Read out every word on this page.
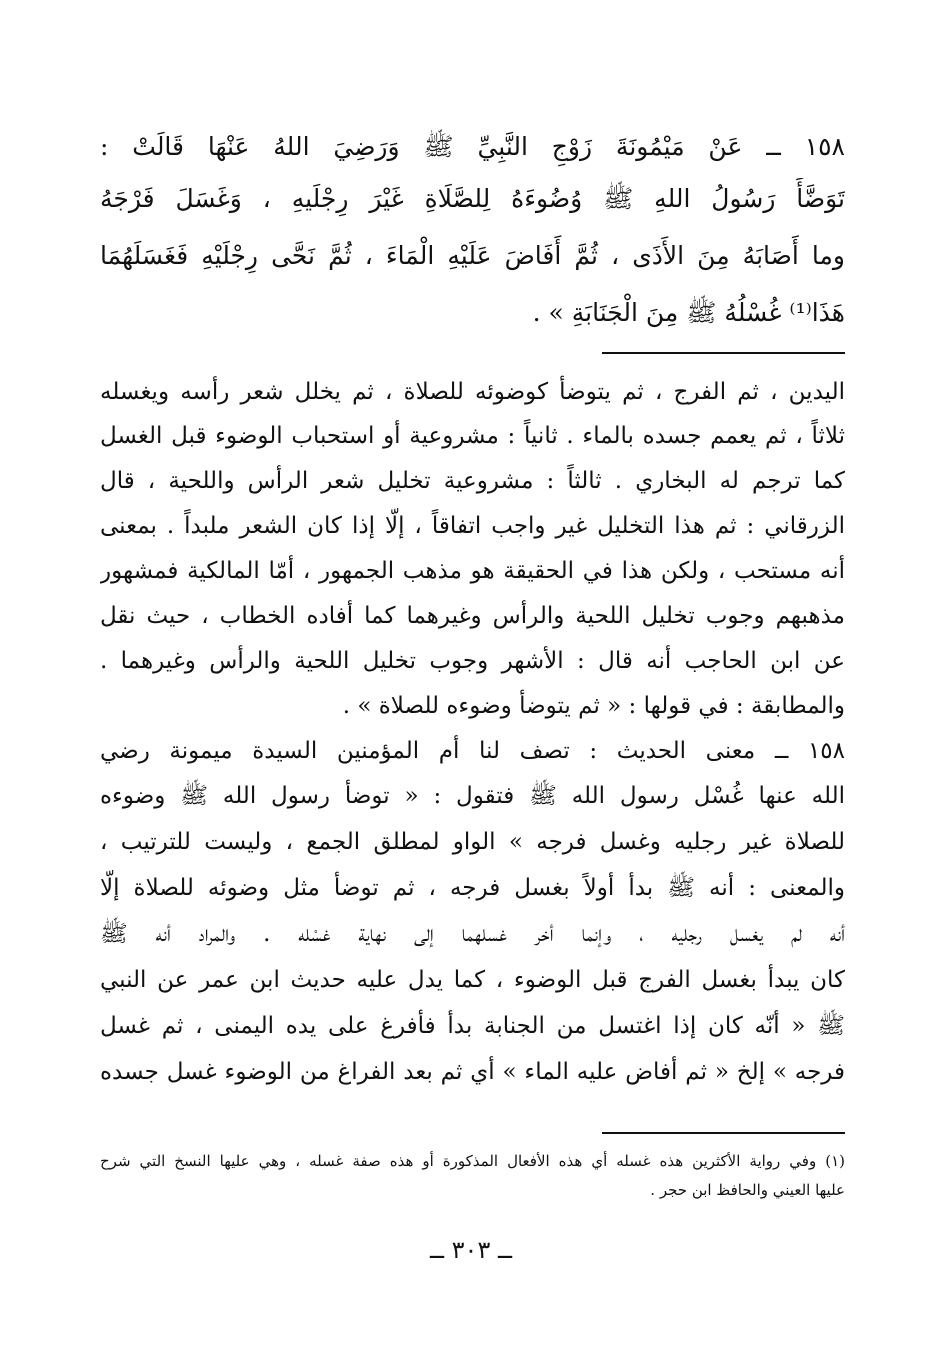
١٥٨ ــ عَنْ مَيْمُونَةَ زَوْجِ النَّبِيِّ ﷺ وَرَضِيَ اللهُ عَنْهَا قَالَتْ :
تَوَضَّأَ رَسُولُ اللهِ ﷺ وُضُوءَهُ لِلصَّلَاةِ غَيْرَ رِجْلَيهِ ، وَغَسَلَ فَرْجَهُ
وما أَصَابَهُ مِنَ الأَذَى ، ثُمَّ أَفَاضَ عَلَيْهِ الْمَاءَ ، ثُمَّ نَحَّى رِجْلَيْهِ فَغَسَلَهُمَا
هَذَا⁽¹⁾ غُسْلُهُ ﷺ مِنَ الْجَنَابَةِ » .
اليدين ، ثم الفرج ، ثم يتوضأ كوضوئه للصلاة ، ثم يخلل شعر رأسه ويغسله
ثلاثاً ، ثم يعمم جسده بالماء . ثانياً : مشروعية أو استحباب الوضوء قبل الغسل
كما ترجم له البخاري . ثالثاً : مشروعية تخليل شعر الرأس واللحية ، قال
الزرقاني : ثم هذا التخليل غير واجب اتفاقاً ، إلّا إذا كان الشعر ملبداً . بمعنى
أنه مستحب ، ولكن هذا في الحقيقة هو مذهب الجمهور ، أمّا المالكية فمشهور
مذهبهم وجوب تخليل اللحية والرأس وغيرهما كما أفاده الخطاب ، حيث نقل
عن ابن الحاجب أنه قال : الأشهر وجوب تخليل اللحية والرأس وغيرهما .
والمطابقة : في قولها : « ثم يتوضأ وضوءه للصلاة » .
١٥٨ ــ معنى الحديث : تصف لنا أم المؤمنين السيدة ميمونة رضي
الله عنها غُسْل رسول الله ﷺ فتقول : « توضأ رسول الله ﷺ وضوءه
للصلاة غير رجليه وغسل فرجه » الواو لمطلق الجمع ، وليست للترتيب ،
والمعنى : أنه ﷺ بدأ أولاً بغسل فرجه ، ثم توضأ مثل وضوئه للصلاة إلّا
أنه لم يغسل رجليه ، وإنما أخر غسلهما إلى نهاية غسْله . والمراد أنه ﷺ
كان يبدأ بغسل الفرج قبل الوضوء ، كما يدل عليه حديث ابن عمر عن النبي
ﷺ « أنّه كان إذا اغتسل من الجنابة بدأ فأفرغ على يده اليمنى ، ثم غسل
فرجه » إلخ « ثم أفاض عليه الماء » أي ثم بعد الفراغ من الوضوء غسل جسده
(١) وفي رواية الأكثرين هذه غسله أي هذه الأفعال المذكورة أو هذه صفة غسله ، وهي عليها النسخ التي شرح
عليها العيني والحافظ ابن حجر .
ــ ٣٠٣ ــ
